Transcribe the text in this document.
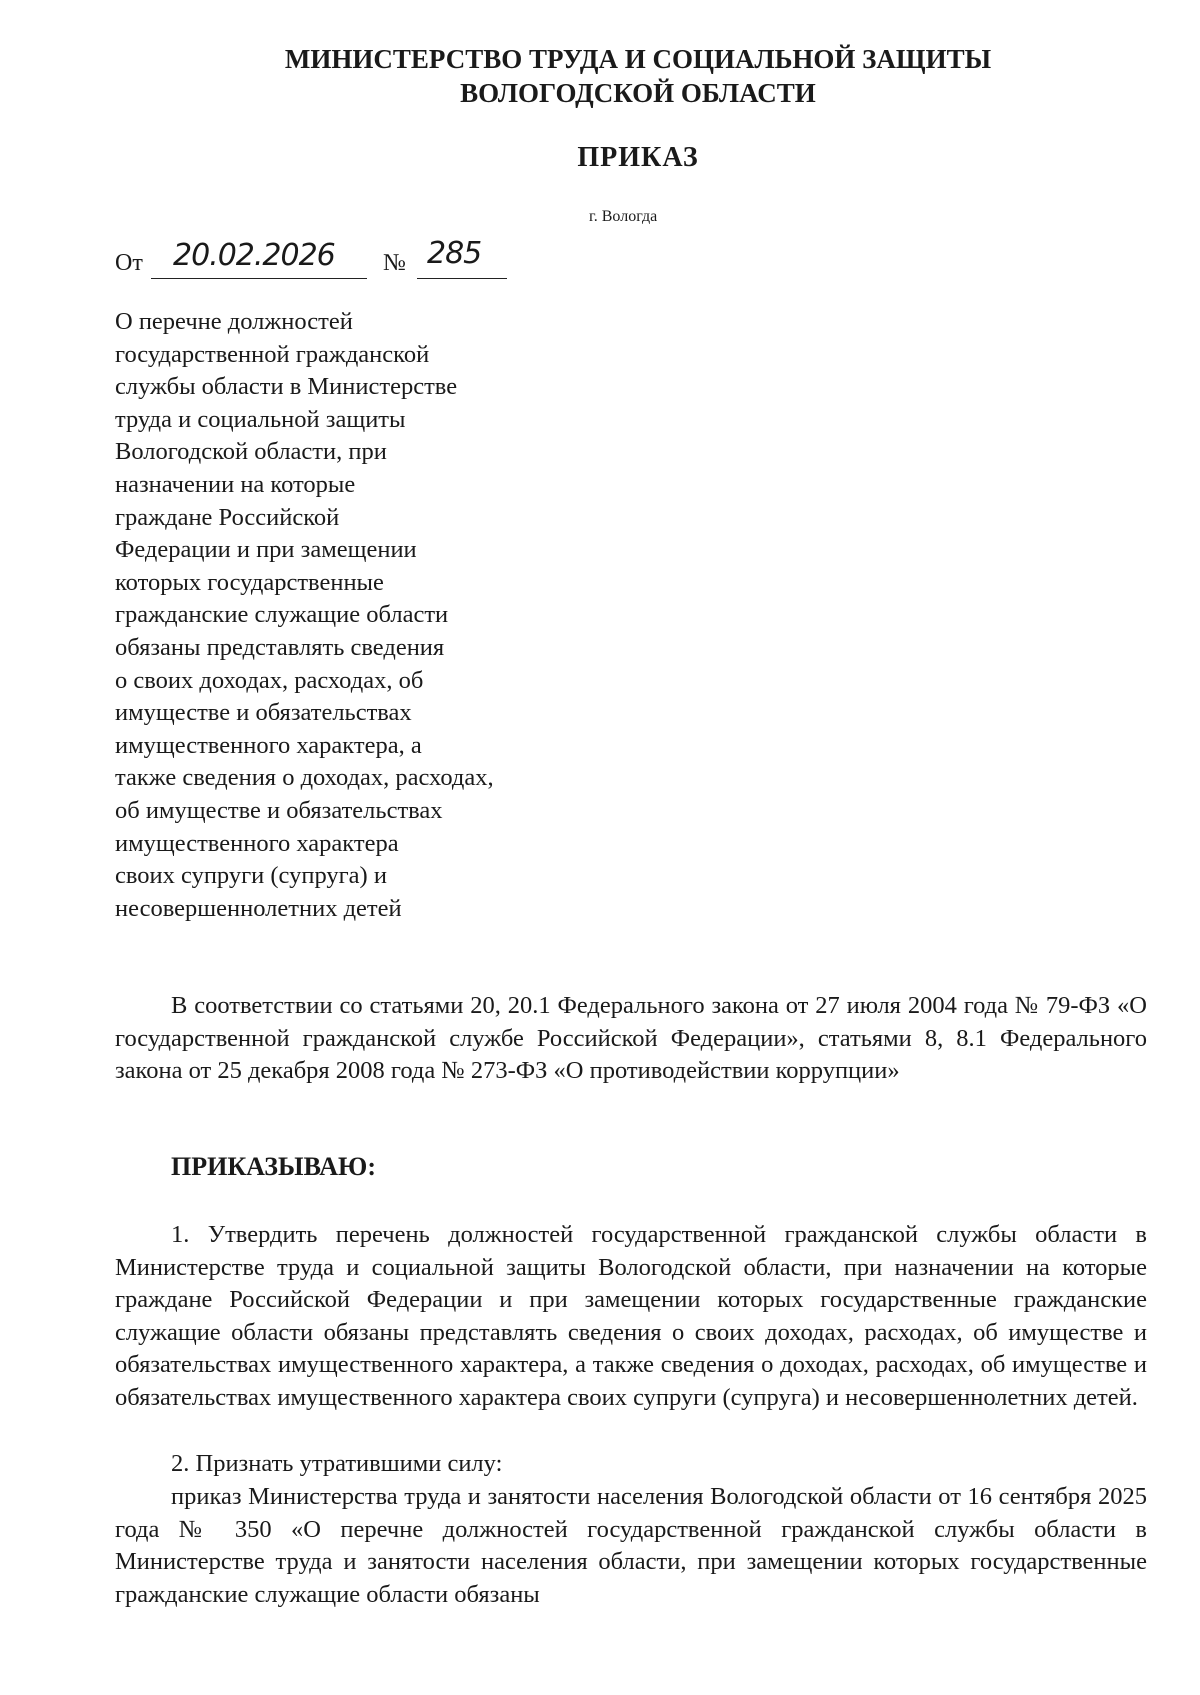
МИНИСТЕРСТВО ТРУДА И СОЦИАЛЬНОЙ ЗАЩИТЫ
ВОЛОГОДСКОЙ ОБЛАСТИ
ПРИКАЗ
г. Вологда
От 20.02.2026 № 285
О перечне должностей
государственной гражданской
службы области в Министерстве
труда и социальной защиты
Вологодской области, при
назначении на которые
граждане Российской
Федерации и при замещении
которых государственные
гражданские служащие области
обязаны представлять сведения
о своих доходах, расходах, об
имуществе и обязательствах
имущественного характера, а
также сведения о доходах, расходах,
об имуществе и обязательствах
имущественного характера
своих супруги (супруга) и
несовершеннолетних детей
В соответствии со статьями 20, 20.1 Федерального закона от 27 июля 2004 года № 79-ФЗ «О государственной гражданской службе Российской Федерации», статьями 8, 8.1 Федерального закона от 25 декабря 2008 года № 273-ФЗ «О противодействии коррупции»
ПРИКАЗЫВАЮ:
1. Утвердить перечень должностей государственной гражданской службы области в Министерстве труда и социальной защиты Вологодской области, при назначении на которые граждане Российской Федерации и при замещении которых государственные гражданские служащие области обязаны представлять сведения о своих доходах, расходах, об имуществе и обязательствах имущественного характера, а также сведения о доходах, расходах, об имуществе и обязательствах имущественного характера своих супруги (супруга) и несовершеннолетних детей.
2. Признать утратившими силу:
приказ Министерства труда и занятости населения Вологодской области от 16 сентября 2025 года № 350 «О перечне должностей государственной гражданской службы области в Министерстве труда и занятости населения области, при замещении которых государственные гражданские служащие области обязаны
